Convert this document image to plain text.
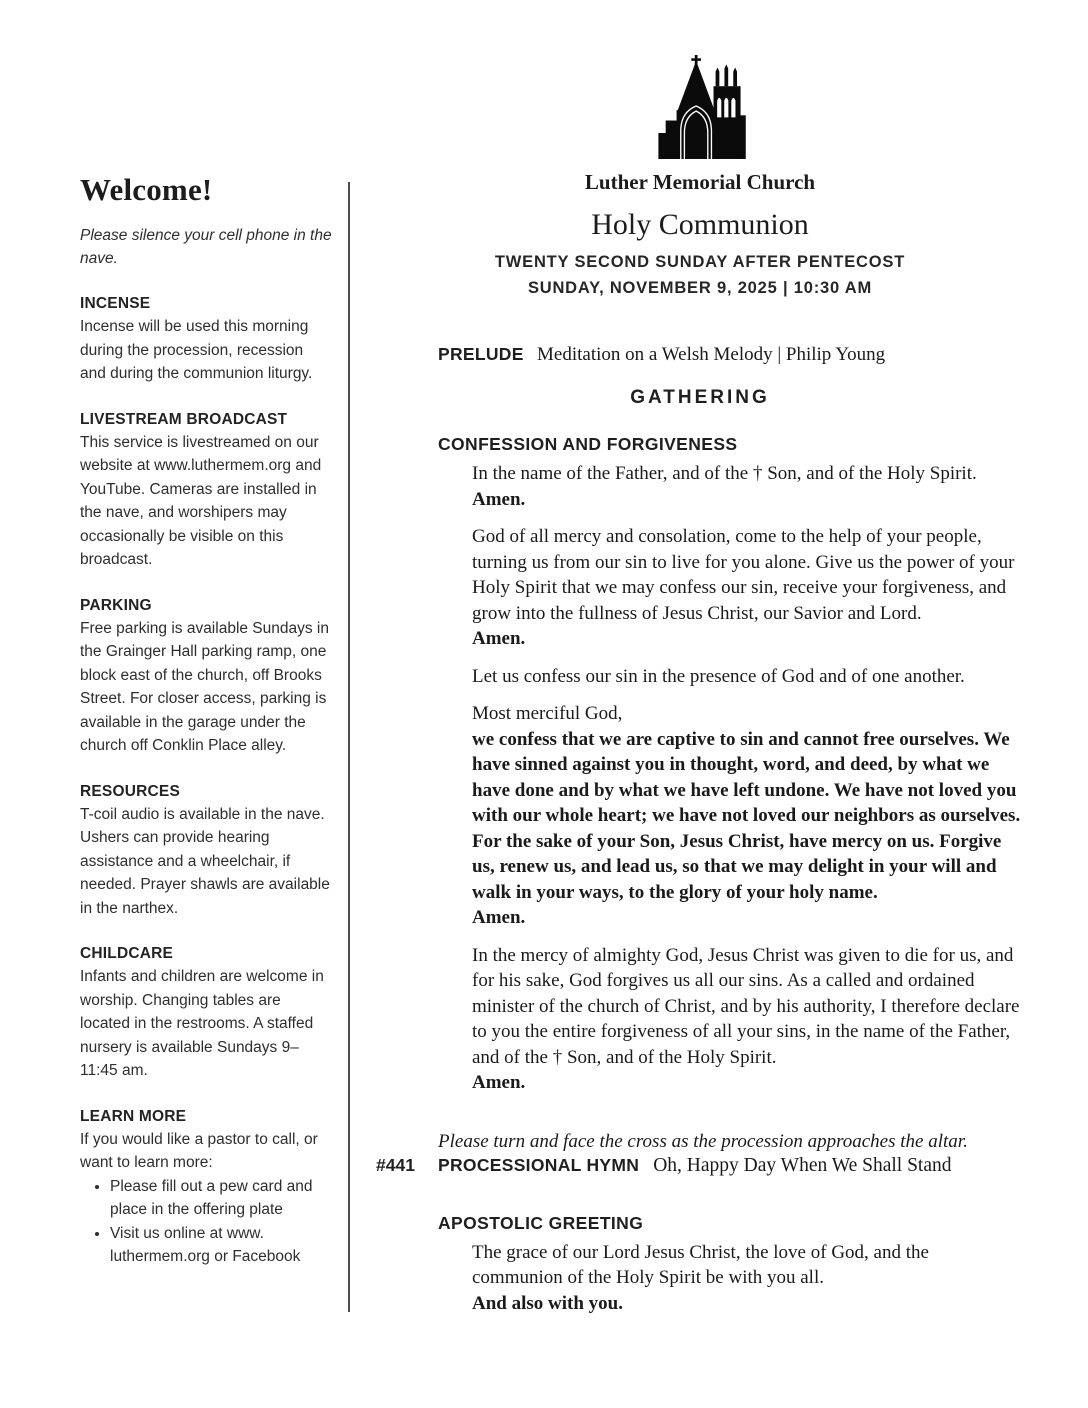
Welcome!
Please silence your cell phone in the nave.
INCENSE
Incense will be used this morning during the procession, recession and during the communion liturgy.
LIVESTREAM BROADCAST
This service is livestreamed on our website at www.luthermem.org and YouTube. Cameras are installed in the nave, and worshipers may occasionally be visible on this broadcast.
PARKING
Free parking is available Sundays in the Grainger Hall parking ramp, one block east of the church, off Brooks Street. For closer access, parking is available in the garage under the church off Conklin Place alley.
RESOURCES
T-coil audio is available in the nave. Ushers can provide hearing assistance and a wheelchair, if needed. Prayer shawls are available in the narthex.
CHILDCARE
Infants and children are welcome in worship. Changing tables are located in the restrooms. A staffed nursery is available Sundays 9–11:45 am.
LEARN MORE
If you would like a pastor to call, or want to learn more:
• Please fill out a pew card and place in the offering plate
• Visit us online at www. luthermem.org or Facebook
Luther Memorial Church
Holy Communion
TWENTY SECOND SUNDAY AFTER PENTECOST
SUNDAY, NOVEMBER 9, 2025 | 10:30 AM
PRELUDE Meditation on a Welsh Melody | Philip Young
GATHERING
CONFESSION AND FORGIVENESS
In the name of the Father, and of the † Son, and of the Holy Spirit.
Amen.
God of all mercy and consolation, come to the help of your people, turning us from our sin to live for you alone. Give us the power of your Holy Spirit that we may confess our sin, receive your forgiveness, and grow into the fullness of Jesus Christ, our Savior and Lord.
Amen.
Let us confess our sin in the presence of God and of one another.
Most merciful God,
we confess that we are captive to sin and cannot free ourselves. We have sinned against you in thought, word, and deed, by what we have done and by what we have left undone. We have not loved you with our whole heart; we have not loved our neighbors as ourselves. For the sake of your Son, Jesus Christ, have mercy on us. Forgive us, renew us, and lead us, so that we may delight in your will and walk in your ways, to the glory of your holy name.
Amen.
In the mercy of almighty God, Jesus Christ was given to die for us, and for his sake, God forgives us all our sins. As a called and ordained minister of the church of Christ, and by his authority, I therefore declare to you the entire forgiveness of all your sins, in the name of the Father, and of the † Son, and of the Holy Spirit.
Amen.
Please turn and face the cross as the procession approaches the altar.
#441	PROCESSIONAL HYMN Oh, Happy Day When We Shall Stand
APOSTOLIC GREETING
The grace of our Lord Jesus Christ, the love of God, and the communion of the Holy Spirit be with you all.
And also with you.
